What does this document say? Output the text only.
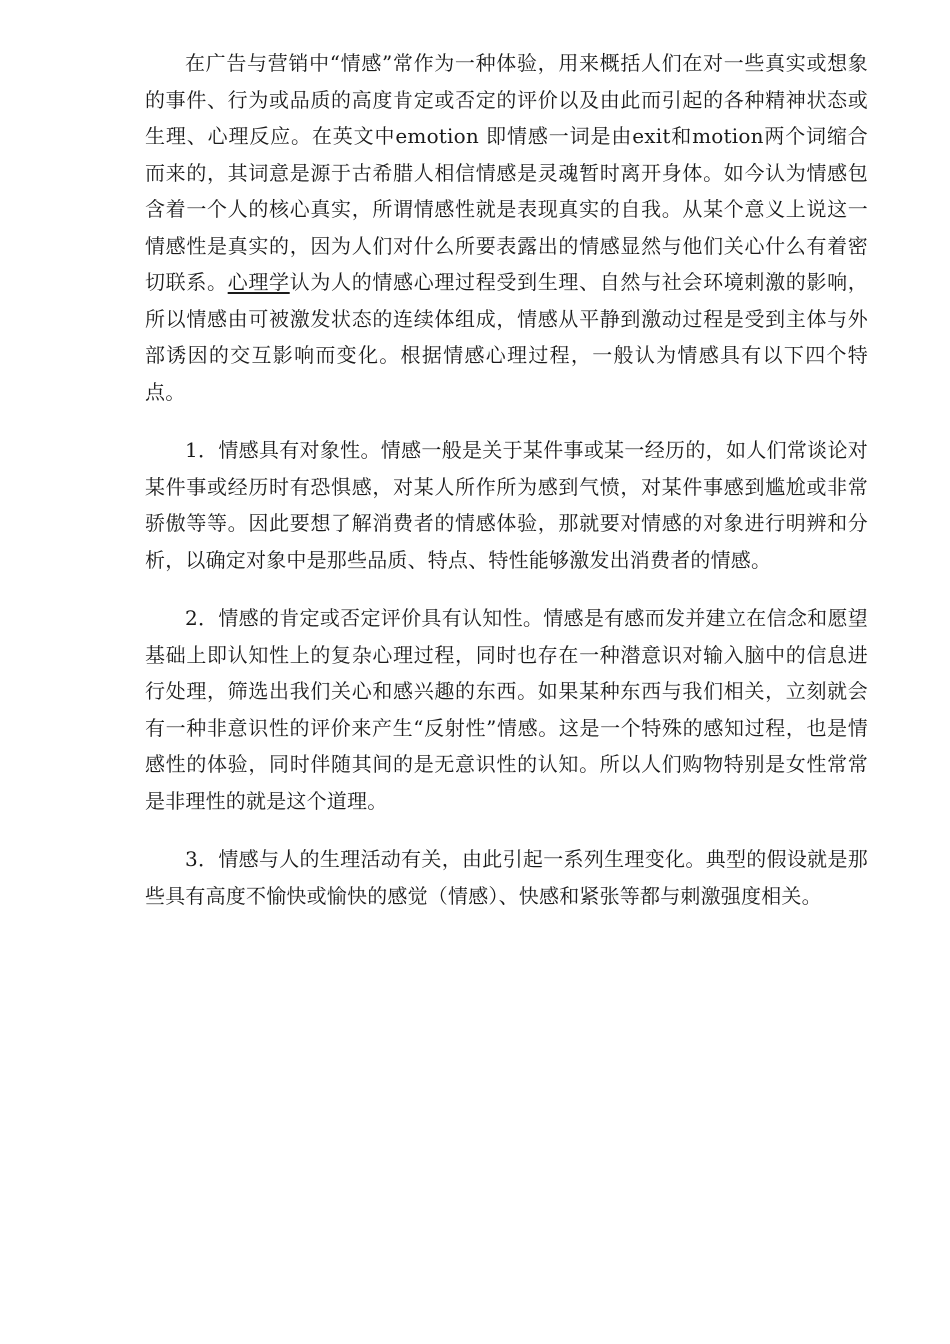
在广告与营销中“情感”常作为一种体验，用来概括人们在对一些真实或想象的事件、行为或品质的高度肯定或否定的评价以及由此而引起的各种精神状态或生理、心理反应。在英文中emotion 即情感一词是由exit和motion两个词缩合而来的，其词意是源于古希腊人相信情感是灵魂暂时离开身体。如今认为情感包含着一个人的核心真实，所谓情感性就是表现真实的自我。从某个意义上说这一情感性是真实的，因为人们对什么所要表露出的情感显然与他们关心什么有着密切联系。心理学认为人的情感心理过程受到生理、自然与社会环境刺激的影响，所以情感由可被激发状态的连续体组成，情感从平静到激动过程是受到主体与外部诱因的交互影响而变化。根据情感心理过程，一般认为情感具有以下四个特点。

1．情感具有对象性。情感一般是关于某件事或某一经历的，如人们常谈论对某件事或经历时有恐惧感，对某人所作所为感到气愤，对某件事感到尴尬或非常骄傲等等。因此要想了解消费者的情感体验，那就要对情感的对象进行明辨和分析，以确定对象中是那些品质、特点、特性能够激发出消费者的情感。

2．情感的肯定或否定评价具有认知性。情感是有感而发并建立在信念和愿望基础上即认知性上的复杂心理过程，同时也存在一种潜意识对输入脑中的信息进行处理，筛选出我们关心和感兴趣的东西。如果某种东西与我们相关，立刻就会有一种非意识性的评价来产生“反射性”情感。这是一个特殊的感知过程，也是情感性的体验，同时伴随其间的是无意识性的认知。所以人们购物特别是女性常常是非理性的就是这个道理。

3．情感与人的生理活动有关，由此引起一系列生理变化。典型的假设就是那些具有高度不愉快或愉快的感觉（情感）、快感和紧张等都与刺激强度相关。
